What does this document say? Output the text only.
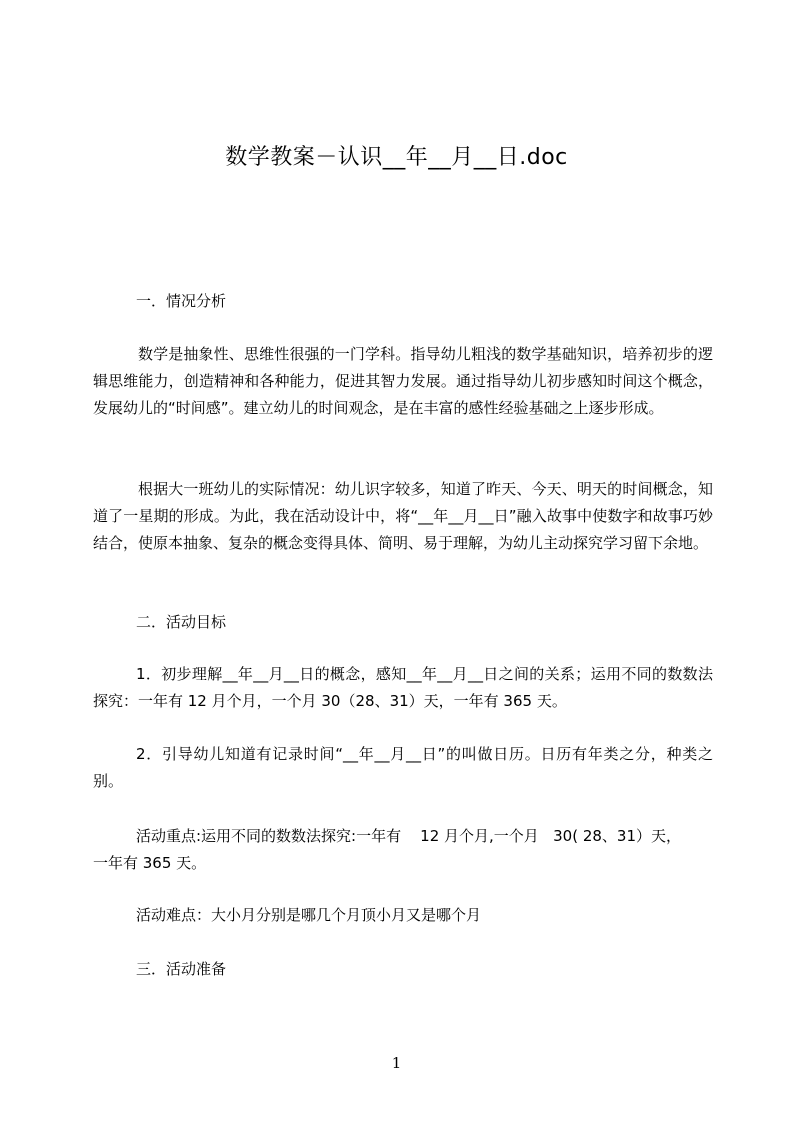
数学教案－认识__年__月__日.doc
一．情况分析
数学是抽象性、思维性很强的一门学科。指导幼儿粗浅的数学基础知识，培养初步的逻辑思维能力，创造精神和各种能力，促进其智力发展。通过指导幼儿初步感知时间这个概念，发展幼儿的“时间感”。建立幼儿的时间观念，是在丰富的感性经验基础之上逐步形成。
根据大一班幼儿的实际情况：幼儿识字较多，知道了昨天、今天、明天的时间概念，知道了一星期的形成。为此，我在活动设计中，将“__年__月__日”融入故事中使数字和故事巧妙结合，使原本抽象、复杂的概念变得具体、简明、易于理解，为幼儿主动探究学习留下余地。
二．活动目标
1．初步理解__年__月__日的概念，感知__年__月__日之间的关系；运用不同的数数法探究：一年有 12 月个月，一个月 30（28、31）天，一年有 365 天。
2．引导幼儿知道有记录时间“__年__月__日”的叫做日历。日历有年类之分，种类之别。
活动重点:运用不同的数数法探究:一年有    12 月个月,一个月   30( 28、31）天，
一年有 365 天。
活动难点：大小月分别是哪几个月顶小月又是哪个月
三．活动准备
1
